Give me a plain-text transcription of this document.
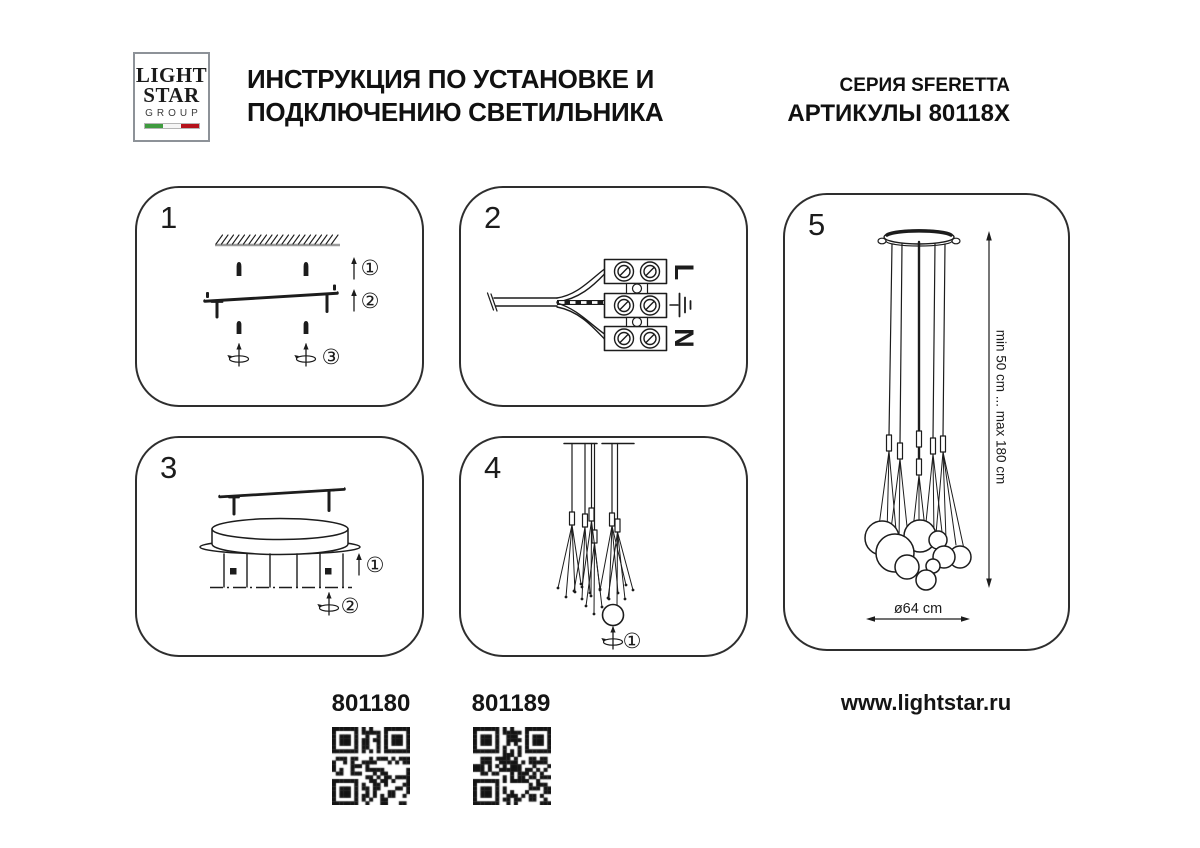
LIGHT
STAR
GROUP
ИНСТРУКЦИЯ ПО УСТАНОВКЕ И
ПОДКЛЮЧЕНИЮ СВЕТИЛЬНИКА
СЕРИЯ SFERETTA
АРТИКУЛЫ 80118X
1
①
②
③
2
L
N
3
①
②
4
①
5
min 50 cm ... max 180 cm
ø64 cm
801180	801189	www.lightstar.ru
